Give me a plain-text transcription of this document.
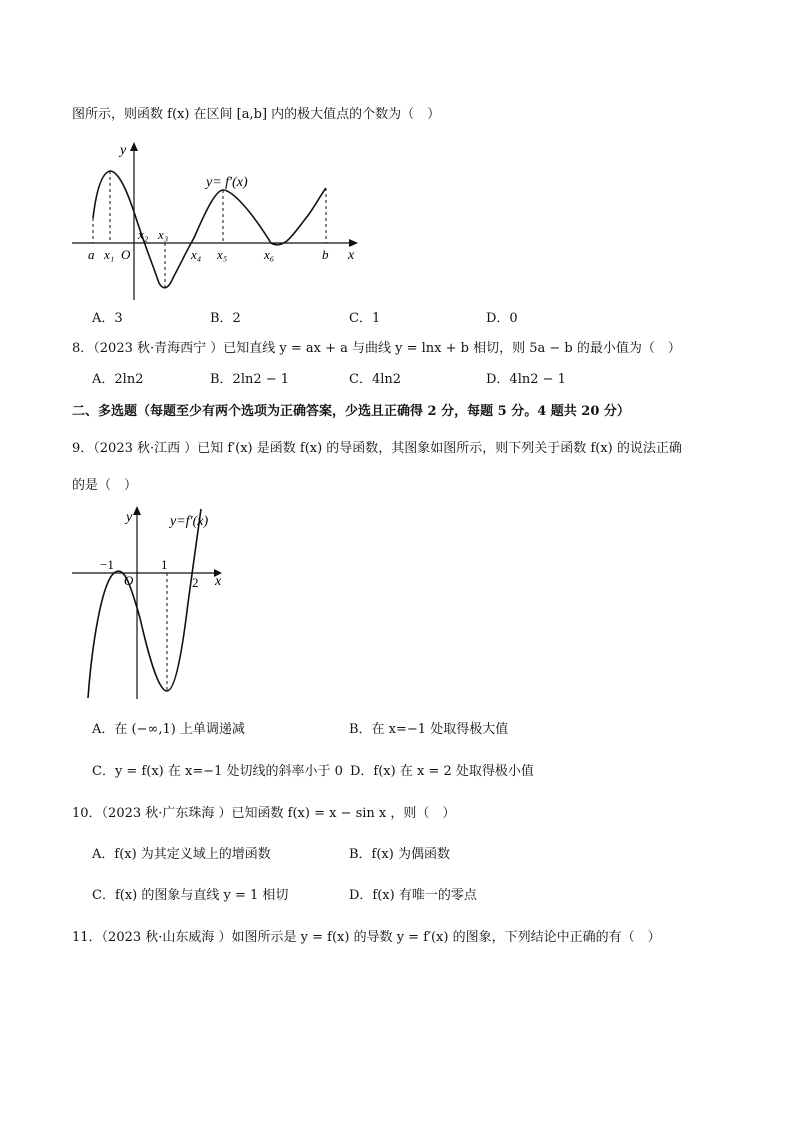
图所示，则函数 f(x) 在区间 [a,b] 内的极大值点的个数为（　）
y
x
y= f′(x)
a x₁ O
x₂ x₃
x₄ x₅	x₆	b
A．3	B．2	C．1	D．0
8．（2023 秋·青海西宁 ）已知直线 y = ax + a 与曲线 y = lnx + b 相切，则 5a − b 的最小值为（　）
A．2ln2	B．2ln2 − 1	C．4ln2	D．4ln2 − 1
二、多选题（每题至少有两个选项为正确答案，少选且正确得 2 分，每题 5 分。4 题共 20 分）
9．（2023 秋·江西 ）已知 f′(x) 是函数 f(x) 的导函数，其图象如图所示，则下列关于函数 f(x) 的说法正确
的是（　）
y
x
y=f′(x)
−1
O
1
2
A．在 (−∞,1) 上单调递减	B．在 x=−1 处取得极大值
C．y = f(x) 在 x=−1 处切线的斜率小于 0 D．f(x) 在 x = 2 处取得极小值
10．（2023 秋·广东珠海 ）已知函数 f(x) = x − sin x ，则（　）
A．f(x) 为其定义域上的增函数	B．f(x) 为偶函数
C．f(x) 的图象与直线 y = 1 相切	D．f(x) 有唯一的零点
11．（2023 秋·山东威海 ）如图所示是 y = f(x) 的导数 y = f′(x) 的图象，下列结论中正确的有（　）
